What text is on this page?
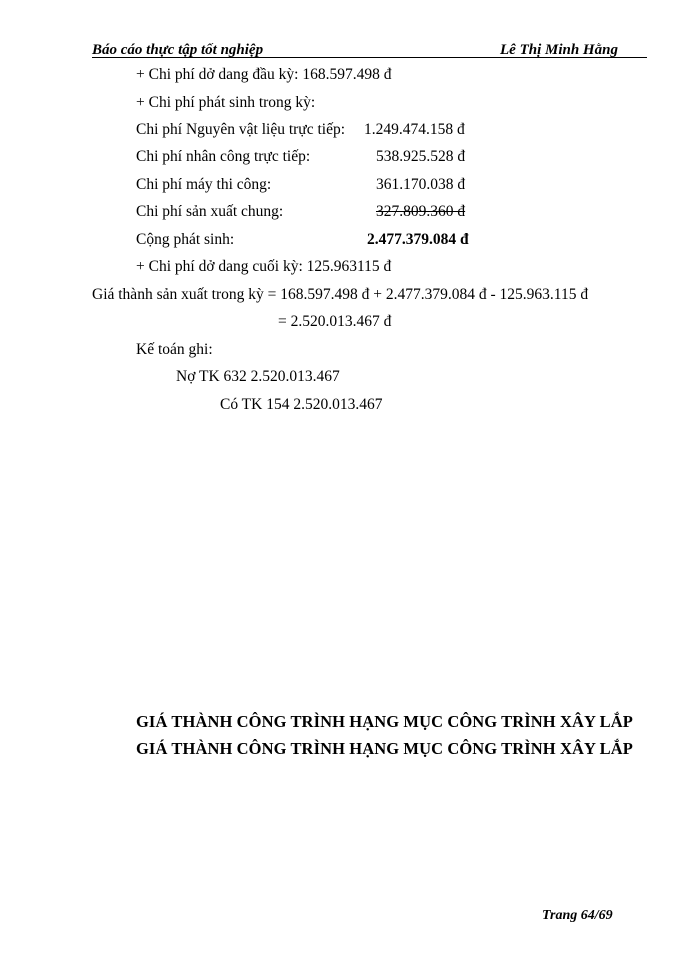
Báo cáo thực tập tốt nghiệp	Lê Thị Minh Hằng
+ Chi phí dở dang đầu kỳ: 168.597.498 đ
+ Chi phí phát sinh trong kỳ:
Chi phí Nguyên vật liệu trực tiếp: 1.249.474.158 đ
Chi phí nhân công trực tiếp:	538.925.528 đ
Chi phí máy thi công:	361.170.038 đ
Chi phí sản xuất chung:	327.809.360 đ
Cộng phát sinh:	2.477.379.084 đ
+ Chi phí dở dang cuối kỳ: 125.963115 đ
Giá thành sản xuất trong kỳ = 168.597.498 đ + 2.477.379.084 đ - 125.963.115 đ
= 2.520.013.467 đ
Kế toán ghi:
Nợ TK 632 2.520.013.467
Có TK 154 2.520.013.467
GIÁ THÀNH CÔNG TRÌNH HẠNG MỤC CÔNG TRÌNH XÂY LẮP
GIÁ THÀNH CÔNG TRÌNH HẠNG MỤC CÔNG TRÌNH XÂY LẮP
Trang 64/69
